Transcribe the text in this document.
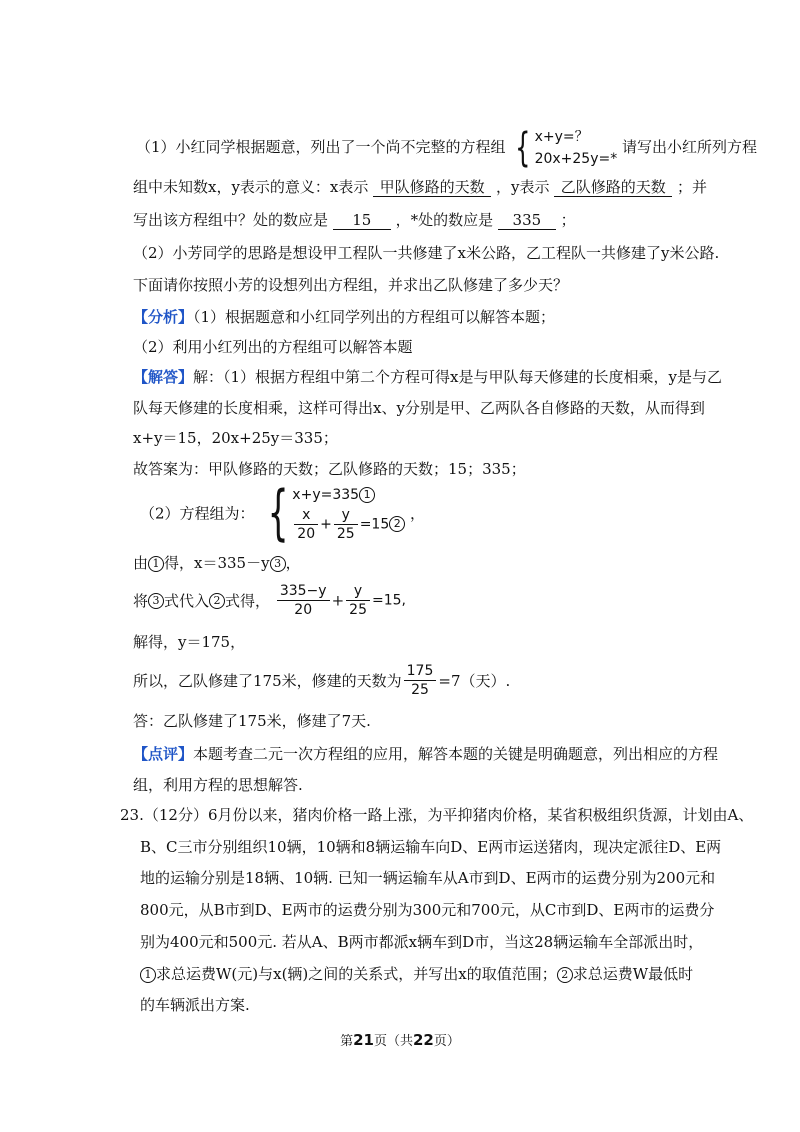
（1）小红同学根据题意，列出了一个尚不完整的方程组 { x+y=？
20x+25y=*
请写出小红所列方程
组中未知数x，y表示的意义：x表示 甲队修路的天数 ，y表示 乙队修路的天数 ；并
写出该方程组中？处的数应是 15 ，*处的数应是 335 ；
（2）小芳同学的思路是想设甲工程队一共修建了x米公路，乙工程队一共修建了y米公路.
下面请你按照小芳的设想列出方程组，并求出乙队修建了多少天？
【分析】（1）根据题意和小红同学列出的方程组可以解答本题；
（2）利用小红列出的方程组可以解答本题
【解答】解：（1）根据方程组中第二个方程可得x是与甲队每天修建的长度相乘，y是与乙
队每天修建的长度相乘，这样可得出x、y分别是甲、乙两队各自修路的天数，从而得到
x+y＝15，20x+25y＝335；
故答案为：甲队修路的天数；乙队修路的天数；15；335；
（2）方程组为： { x+y=335 1
$\frac{x}{20} + \frac{y}{25} =15$ 2
，
由 1 得，x＝335－y 3 ，
将 3 式代入 2 式得， $\frac{335-y}{20} + \frac{y}{25} =15$,
解得，y＝175，
所以，乙队修建了175米，修建的天数为 $\frac{175}{25} =7$（天）.
答：乙队修建了175米，修建了7天.
【点评】本题考查二元一次方程组的应用，解答本题的关键是明确题意，列出相应的方程
组，利用方程的思想解答.
23.（12分）6月份以来，猪肉价格一路上涨，为平抑猪肉价格，某省积极组织货源，计划由A、
B、C三市分别组织10辆，10辆和8辆运输车向D、E两市运送猪肉，现决定派往D、E两
地的运输分别是18辆、10辆. 已知一辆运输车从A市到D、E两市的运费分别为200元和
800元，从B市到D、E两市的运费分别为300元和700元，从C市到D、E两市的运费分
别为400元和500元. 若从A、B两市都派x辆车到D市，当这28辆运输车全部派出时，
1 求总运费W(元)与x(辆)之间的关系式，并写出x的取值范围； 2 求总运费W最低时
的车辆派出方案.
第21页（共22页）
